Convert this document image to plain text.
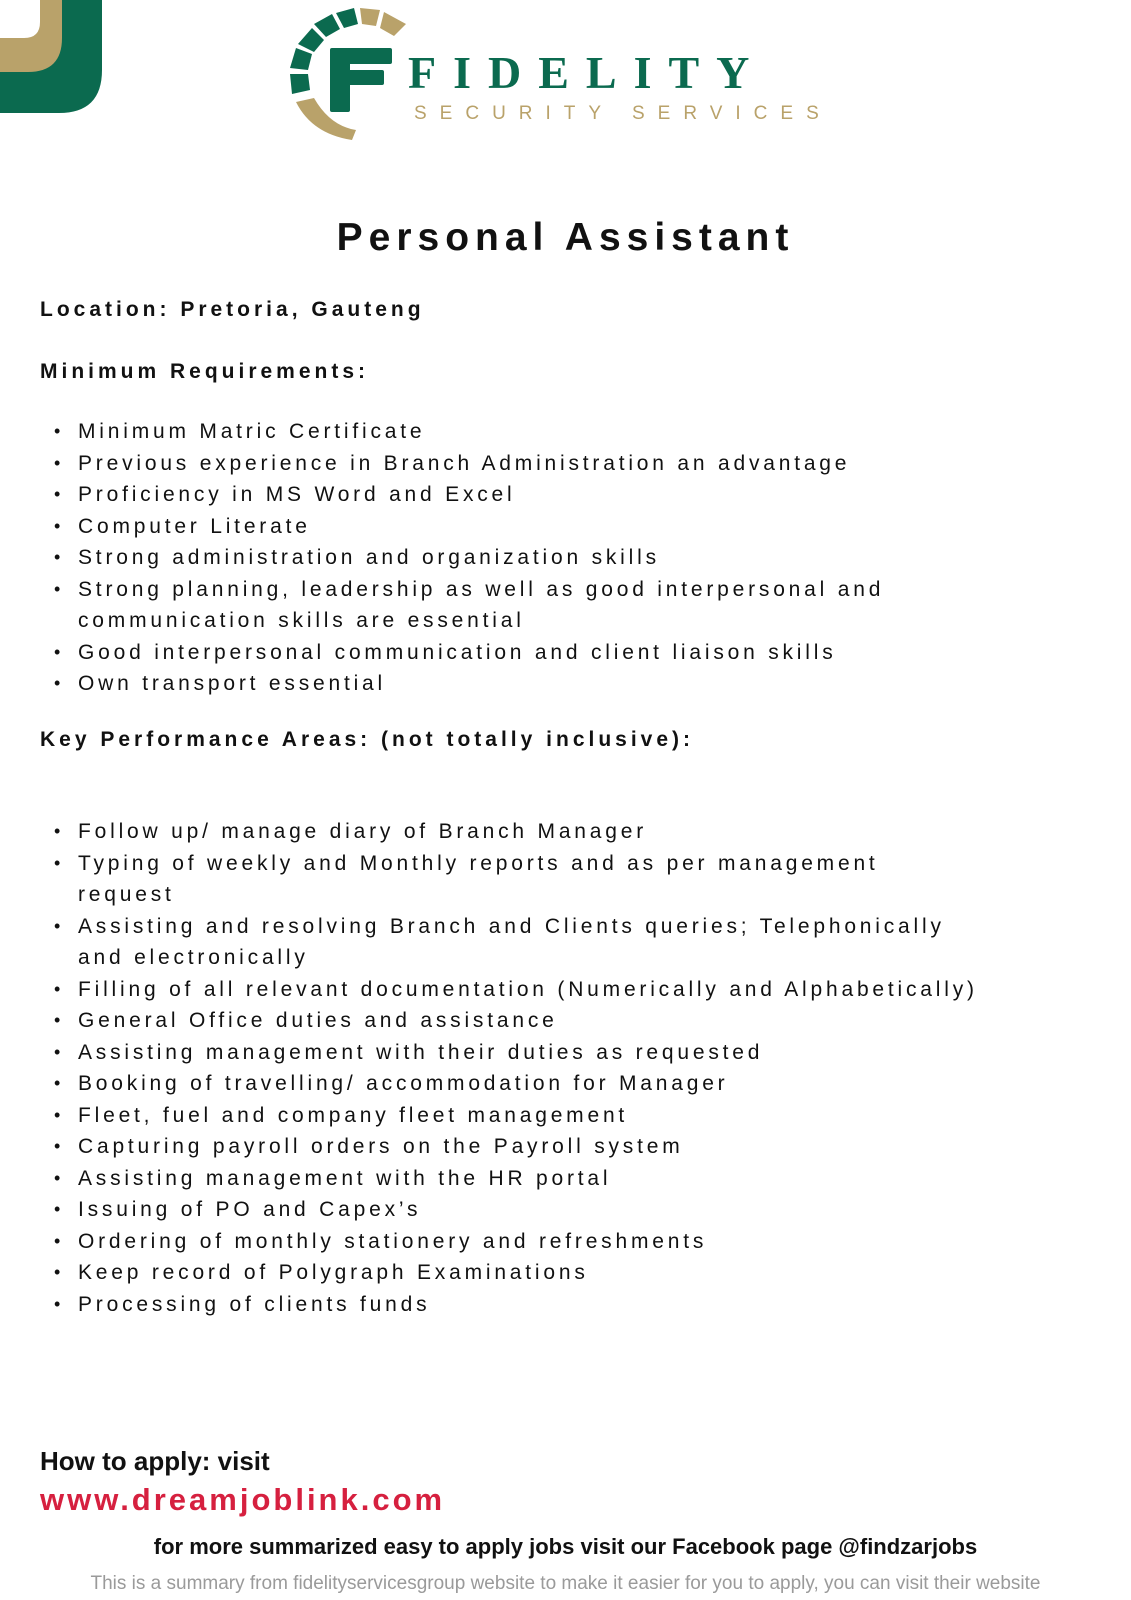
FIDELITY
SECURITY SERVICES
Personal Assistant
Location: Pretoria, Gauteng
Minimum Requirements:
• Minimum Matric Certificate
• Previous experience in Branch Administration an advantage
• Proficiency in MS Word and Excel
• Computer Literate
• Strong administration and organization skills
• Strong planning, leadership as well as good interpersonal and
communication skills are essential
• Good interpersonal communication and client liaison skills
• Own transport essential
Key Performance Areas: (not totally inclusive):
• Follow up/ manage diary of Branch Manager
• Typing of weekly and Monthly reports and as per management
request
• Assisting and resolving Branch and Clients queries; Telephonically
and electronically
• Filling of all relevant documentation (Numerically and Alphabetically)
• General Office duties and assistance
• Assisting management with their duties as requested
• Booking of travelling/ accommodation for Manager
• Fleet, fuel and company fleet management
• Capturing payroll orders on the Payroll system
• Assisting management with the HR portal
• Issuing of PO and Capex’s
• Ordering of monthly stationery and refreshments
• Keep record of Polygraph Examinations
• Processing of clients funds
How to apply: visit
www.dreamjoblink.com
for more summarized easy to apply jobs visit our Facebook page @findzarjobs
This is a summary from fidelityservicesgroup website to make it easier for you to apply, you can visit their website
